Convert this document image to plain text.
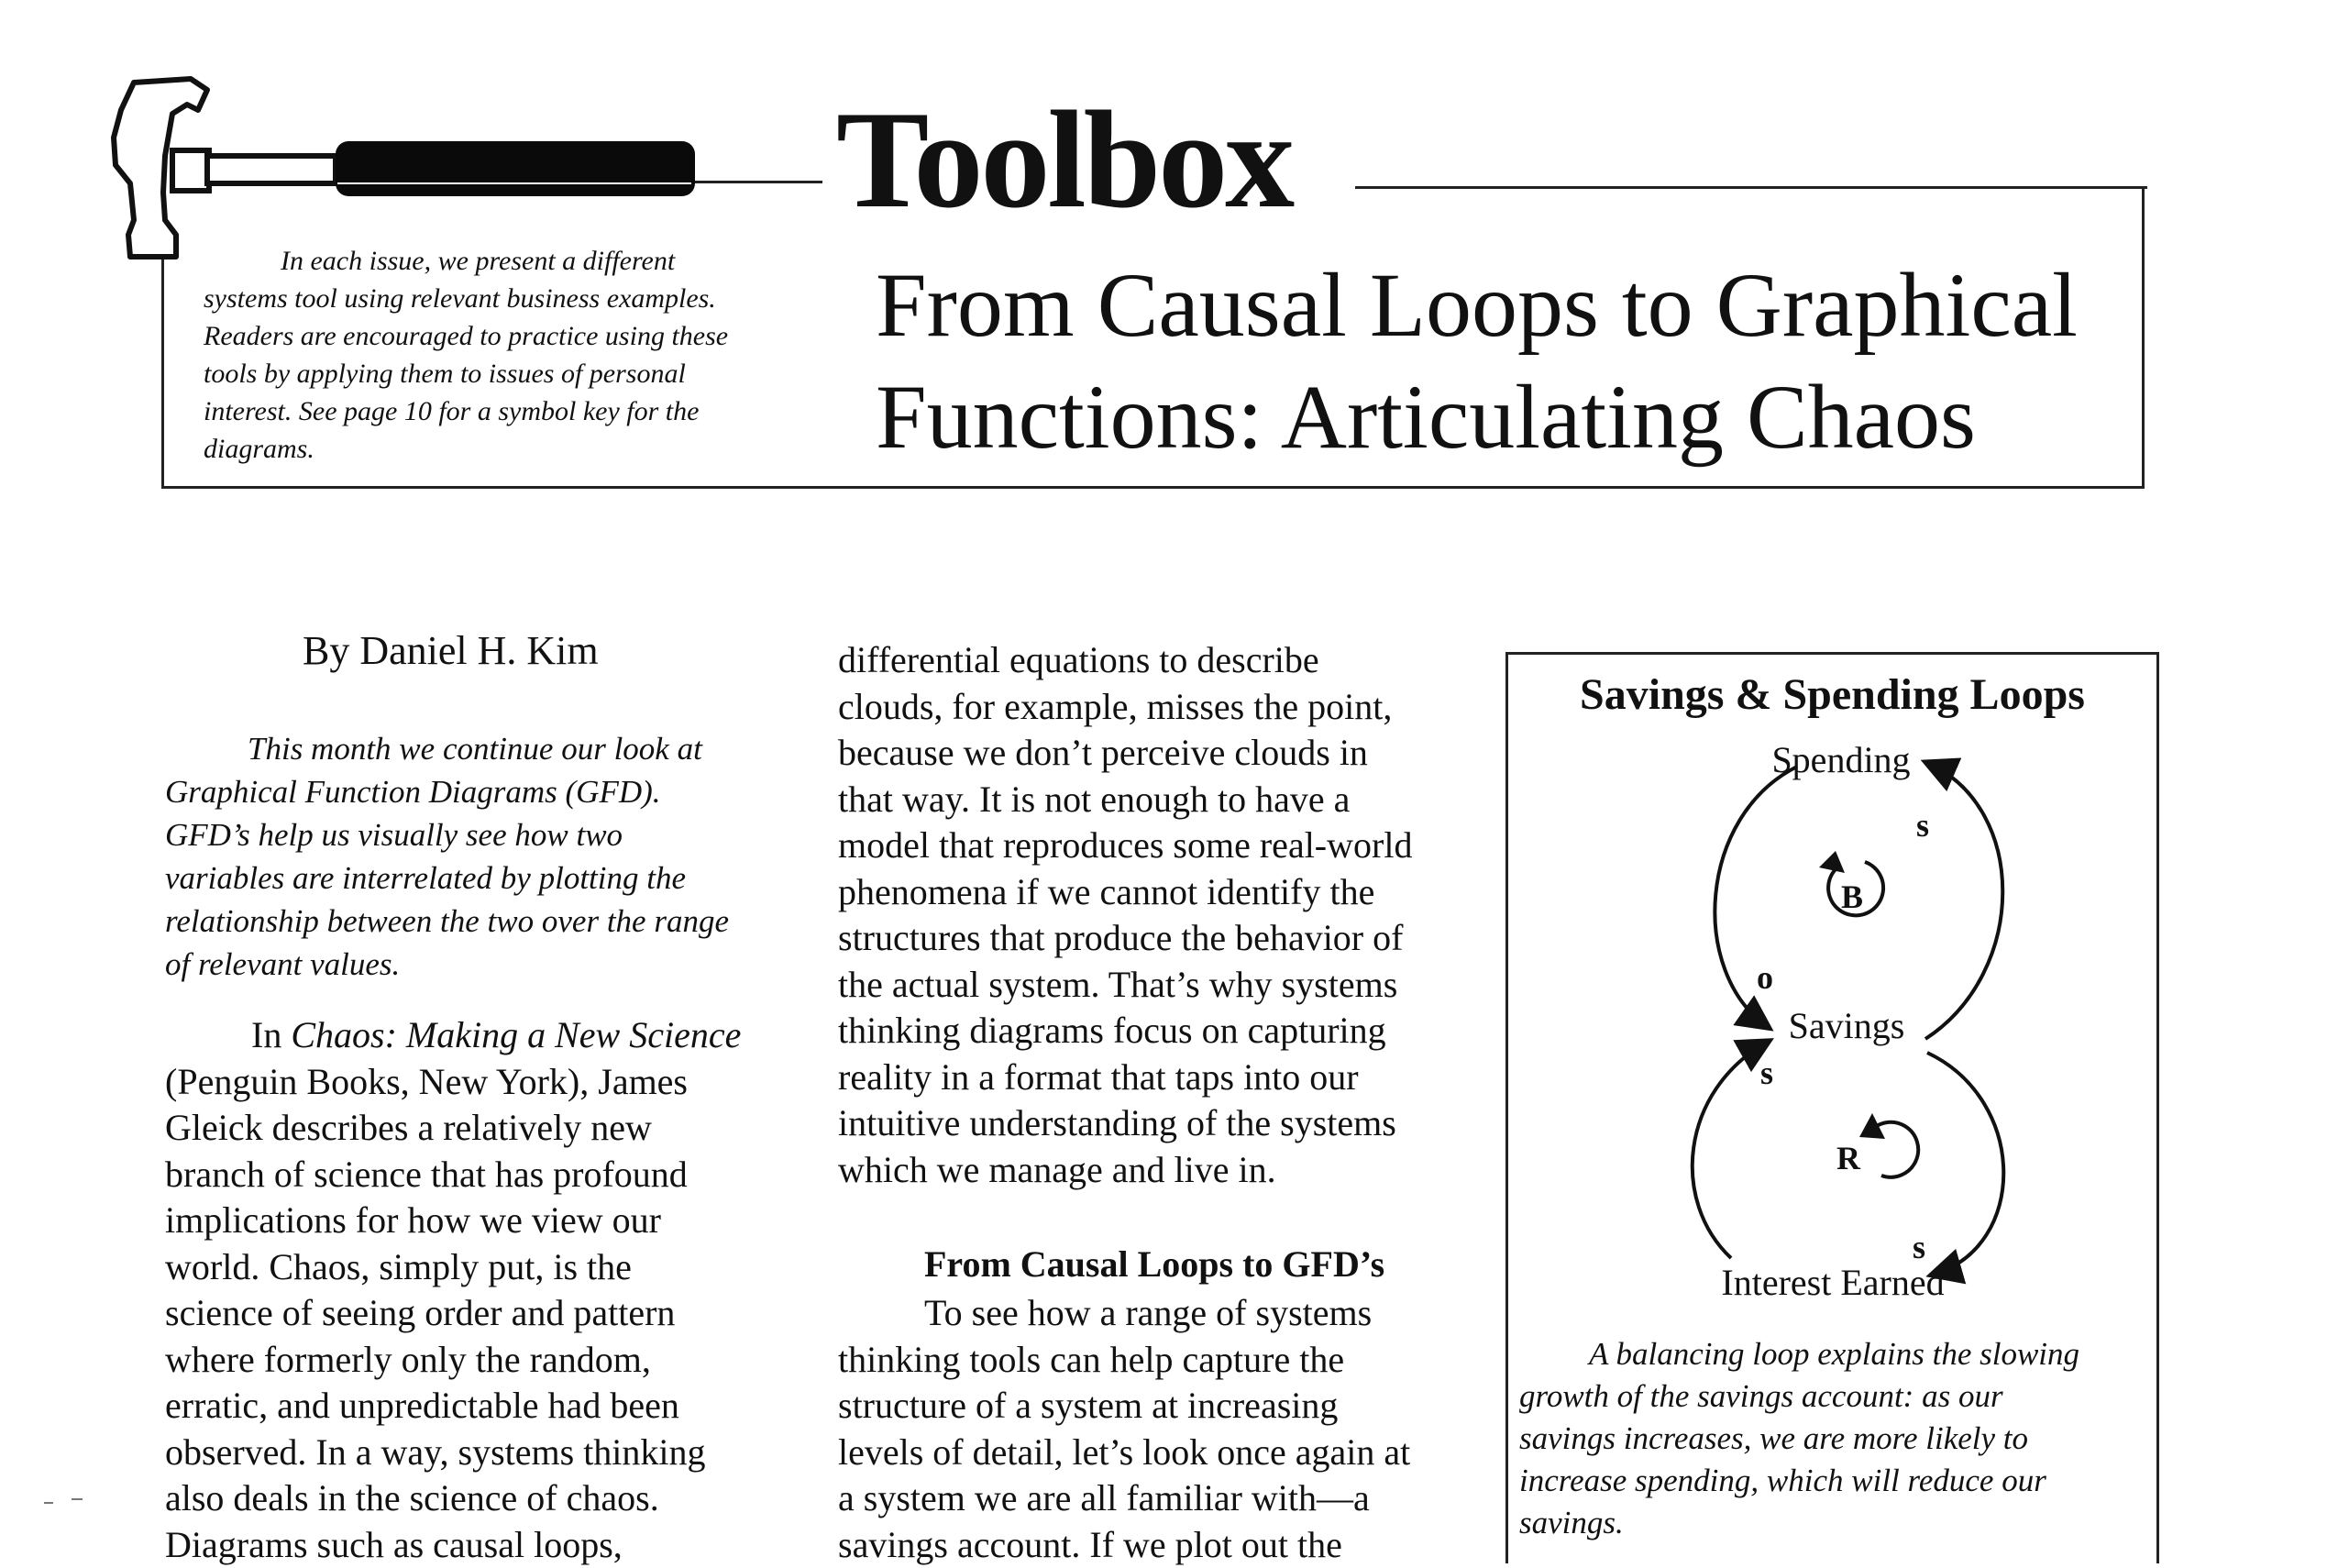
Toolbox
From Causal Loops to Graphical
Functions: Articulating Chaos
In each issue, we present a different
systems tool using relevant business examples.
Readers are encouraged to practice using these
tools by applying them to issues of personal
interest. See page 10 for a symbol key for the
diagrams.
By Daniel H. Kim
This month we continue our look at
Graphical Function Diagrams (GFD).
GFD’s help us visually see how two
variables are interrelated by plotting the
relationship between the two over the range
of relevant values.
In Chaos: Making a New Science
(Penguin Books, New York), James
Gleick describes a relatively new
branch of science that has profound
implications for how we view our
world. Chaos, simply put, is the
science of seeing order and pattern
where formerly only the random,
erratic, and unpredictable had been
observed. In a way, systems thinking
also deals in the science of chaos.
Diagrams such as causal loops,
differential equations to describe
clouds, for example, misses the point,
because we don’t perceive clouds in
that way. It is not enough to have a
model that reproduces some real-world
phenomena if we cannot identify the
structures that produce the behavior of
the actual system. That’s why systems
thinking diagrams focus on capturing
reality in a format that taps into our
intuitive understanding of the systems
which we manage and live in.
From Causal Loops to GFD’s
To see how a range of systems
thinking tools can help capture the
structure of a system at increasing
levels of detail, let’s look once again at
a system we are all familiar with—a
savings account. If we plot out the
Savings & Spending Loops
Spending
Savings
Interest Earned
s
o
s
s
B
R
A balancing loop explains the slowing
growth of the savings account: as our
savings increases, we are more likely to
increase spending, which will reduce our
savings.
